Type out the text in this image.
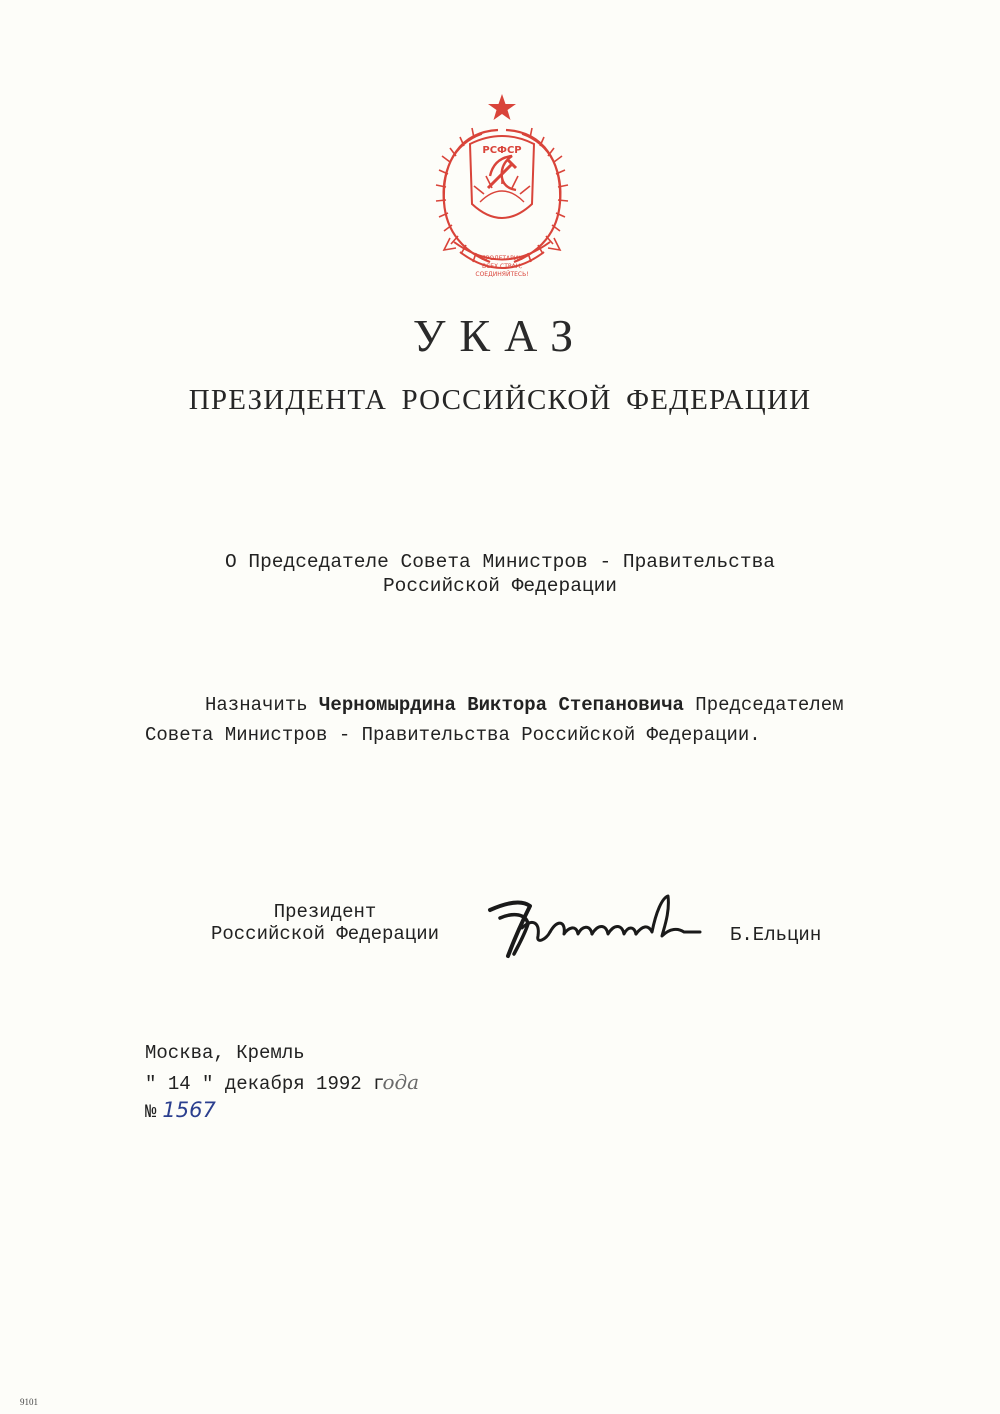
РСФСР
ПРОЛЕТАРИИ
ВСЕХ СТРАН,
СОЕДИНЯЙТЕСЬ!
УКАЗ
ПРЕЗИДЕНТА РОССИЙСКОЙ ФЕДЕРАЦИИ
О Председателе Совета Министров - Правительства
Российской Федерации
Назначить Черномырдина Виктора Степановича Председателем
Совета Министров - Правительства Российской Федерации.
Президент
Российской Федерации	Б.Ельцин
Москва, Кремль
" 14 " декабря 1992 года
№ 1567
9101
